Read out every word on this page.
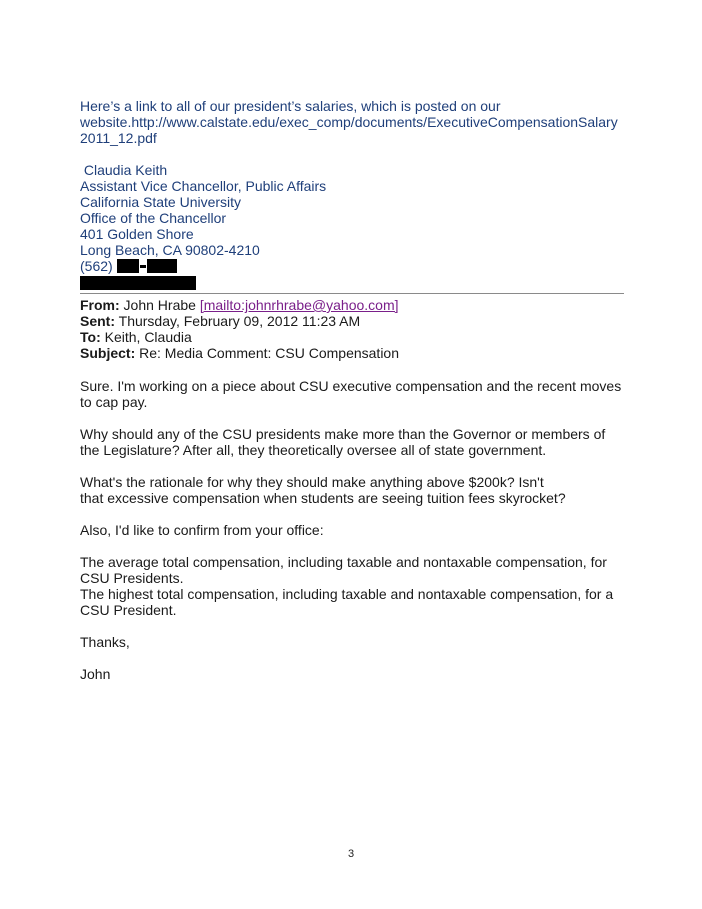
Here’s a link to all of our president’s salaries, which is posted on our
website.http://www.calstate.edu/exec_comp/documents/ExecutiveCompensationSalary
2011_12.pdf
Claudia Keith
Assistant Vice Chancellor, Public Affairs
California State University
Office of the Chancellor
401 Golden Shore
Long Beach, CA 90802-4210
(562)
From: John Hrabe [mailto:johnrhrabe@yahoo.com]
Sent: Thursday, February 09, 2012 11:23 AM
To: Keith, Claudia
Subject: Re: Media Comment: CSU Compensation

Sure. I'm working on a piece about CSU executive compensation and the recent moves to cap pay.

Why should any of the CSU presidents make more than the Governor or members of the Legislature? After all, they theoretically oversee all of state government.

What's the rationale for why they should make anything above $200k? Isn't
that excessive compensation when students are seeing tuition fees skyrocket?

Also, I'd like to confirm from your office:

The average total compensation, including taxable and nontaxable compensation, for CSU Presidents.
The highest total compensation, including taxable and nontaxable compensation, for a CSU President.

Thanks,

John

3
